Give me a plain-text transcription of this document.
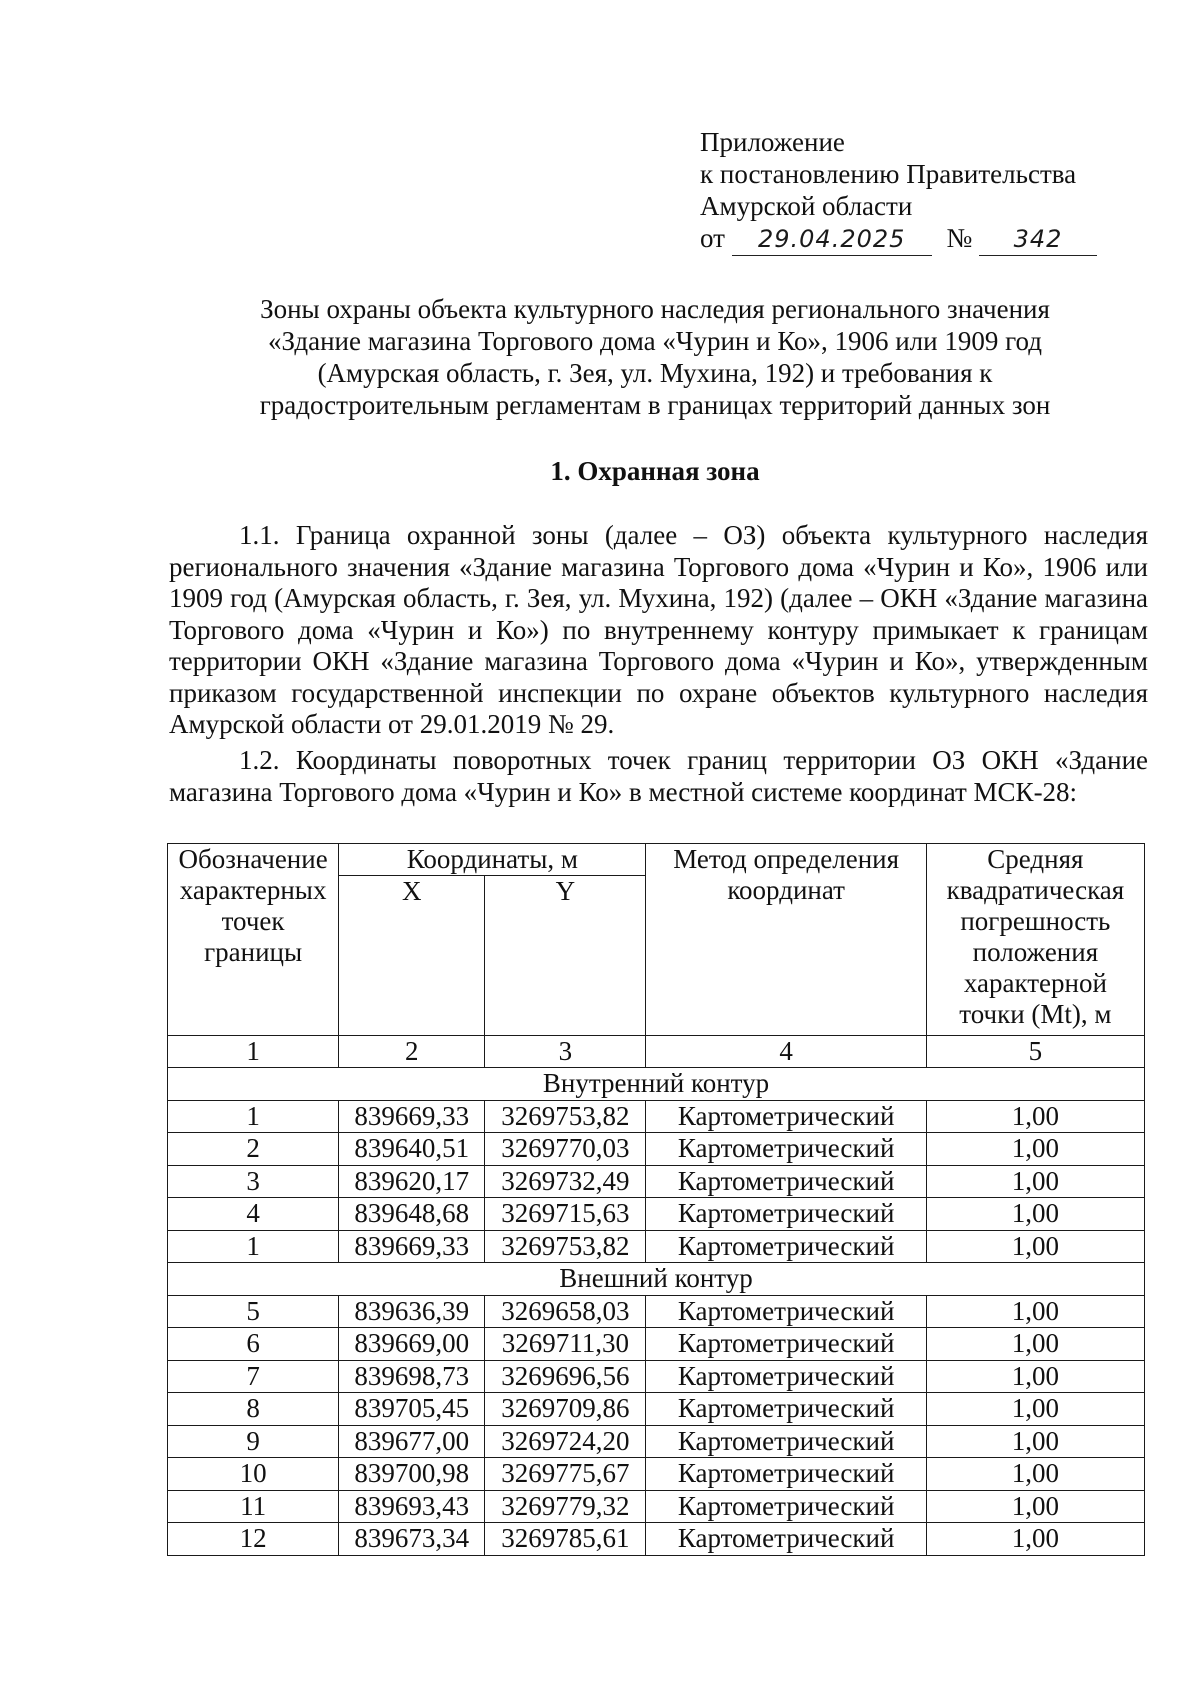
Приложение
к постановлению Правительства
Амурской области
от 29.04.2025 № 342
Зоны охраны объекта культурного наследия регионального значения
«Здание магазина Торгового дома «Чурин и Ко», 1906 или 1909 год
(Амурская область, г. Зея, ул. Мухина, 192) и требования к
градостроительным регламентам в границах территорий данных зон
1. Охранная зона
1.1. Граница охранной зоны (далее – ОЗ) объекта культурного наследия регионального значения «Здание магазина Торгового дома «Чурин и Ко», 1906 или 1909 год (Амурская область, г. Зея, ул. Мухина, 192) (далее – ОКН «Здание магазина Торгового дома «Чурин и Ко») по внутреннему контуру примыкает к границам территории ОКН «Здание магазина Торгового дома «Чурин и Ко», утвержденным приказом государственной инспекции по охране объектов культурного наследия Амурской области от 29.01.2019 № 29.
1.2. Координаты поворотных точек границ территории ОЗ ОКН «Здание магазина Торгового дома «Чурин и Ко» в местной системе координат МСК-28:
Обозначение характерных точек границы	Координаты, м		Метод определения координат	Средняя квадратическая погрешность положения характерной точки (Mt), м
	X	Y		
1	2	3	4	5
Внутренний контур				
1	839669,33	3269753,82	Картометрический	1,00
2	839640,51	3269770,03	Картометрический	1,00
3	839620,17	3269732,49	Картометрический	1,00
4	839648,68	3269715,63	Картометрический	1,00
1	839669,33	3269753,82	Картометрический	1,00
Внешний контур				
5	839636,39	3269658,03	Картометрический	1,00
6	839669,00	3269711,30	Картометрический	1,00
7	839698,73	3269696,56	Картометрический	1,00
8	839705,45	3269709,86	Картометрический	1,00
9	839677,00	3269724,20	Картометрический	1,00
10	839700,98	3269775,67	Картометрический	1,00
11	839693,43	3269779,32	Картометрический	1,00
12	839673,34	3269785,61	Картометрический	1,00
